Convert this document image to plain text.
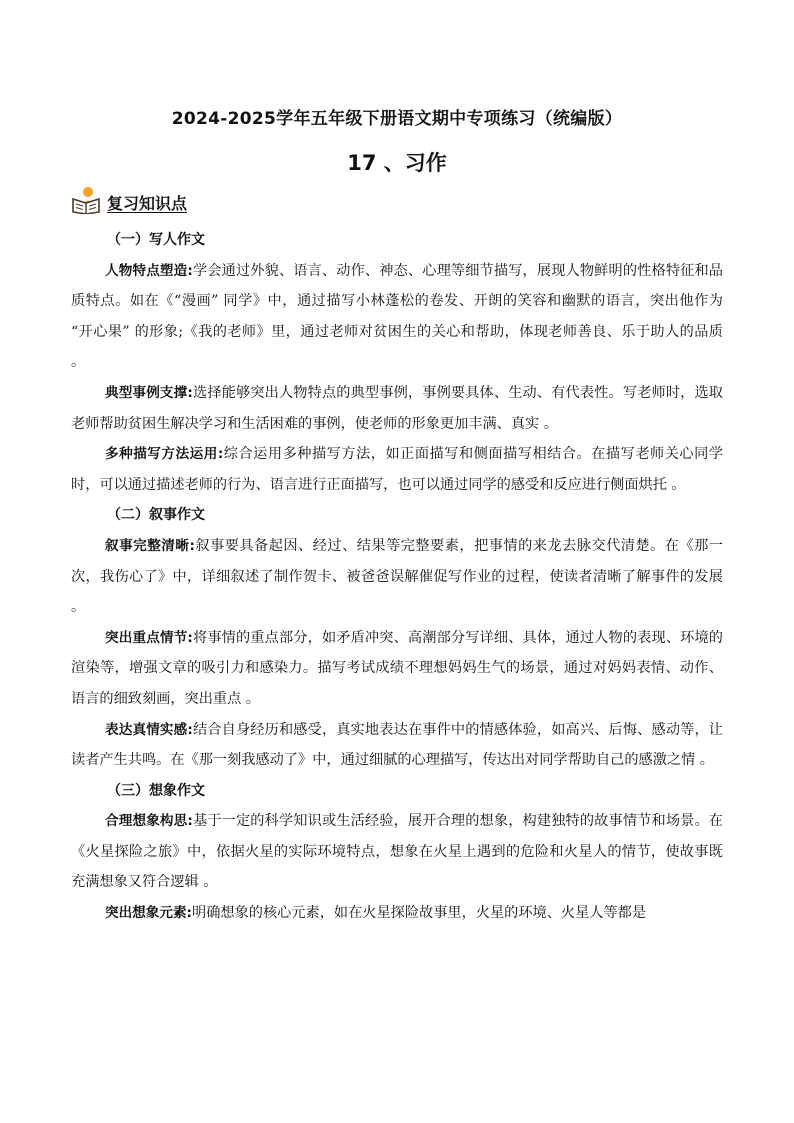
2024-2025学年五年级下册语文期中专项练习（统编版）
17 、习作
复习知识点
（一）写人作文
人物特点塑造:学会通过外貌、语言、动作、神态、心理等细节描写，展现人物鲜明的性格特征和品质特点。如在《“漫画” 同学》中，通过描写小林蓬松的卷发、开朗的笑容和幽默的语言，突出他作为 “开心果” 的形象;《我的老师》里，通过老师对贫困生的关心和帮助，体现老师善良、乐于助人的品质 。
典型事例支撑:选择能够突出人物特点的典型事例，事例要具体、生动、有代表性。写老师时，选取老师帮助贫困生解决学习和生活困难的事例，使老师的形象更加丰满、真实 。
多种描写方法运用:综合运用多种描写方法，如正面描写和侧面描写相结合。在描写老师关心同学时，可以通过描述老师的行为、语言进行正面描写，也可以通过同学的感受和反应进行侧面烘托 。
（二）叙事作文
叙事完整清晰:叙事要具备起因、经过、结果等完整要素，把事情的来龙去脉交代清楚。在《那一次，我伤心了》中，详细叙述了制作贺卡、被爸爸误解催促写作业的过程，使读者清晰了解事件的发展 。
突出重点情节:将事情的重点部分，如矛盾冲突、高潮部分写详细、具体，通过人物的表现、环境的渲染等，增强文章的吸引力和感染力。描写考试成绩不理想妈妈生气的场景，通过对妈妈表情、动作、语言的细致刻画，突出重点 。
表达真情实感:结合自身经历和感受，真实地表达在事件中的情感体验，如高兴、后悔、感动等，让读者产生共鸣。在《那一刻我感动了》中，通过细腻的心理描写，传达出对同学帮助自己的感激之情 。
（三）想象作文
合理想象构思:基于一定的科学知识或生活经验，展开合理的想象，构建独特的故事情节和场景。在《火星探险之旅》中，依据火星的实际环境特点，想象在火星上遇到的危险和火星人的情节，使故事既充满想象又符合逻辑 。
突出想象元素:明确想象的核心元素，如在火星探险故事里，火星的环境、火星人等都是
